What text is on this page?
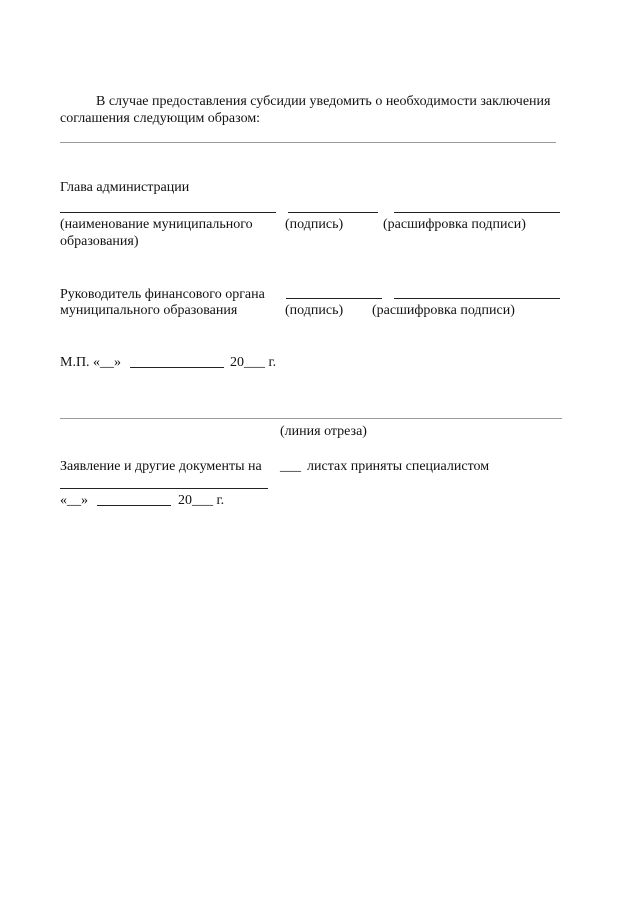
В случае предоставления субсидии уведомить о необходимости заключения
соглашения следующим образом:
Глава администрации
(наименование муниципального
образования)
(подпись)	(расшифровка подписи)
Руководитель финансового органа
муниципального образования	(подпись) (расшифровка подписи)
М.П. «__»	20___ г.
(линия отреза)
Заявление и другие документы на ___ листах приняты специалистом
«__»	20___ г.
